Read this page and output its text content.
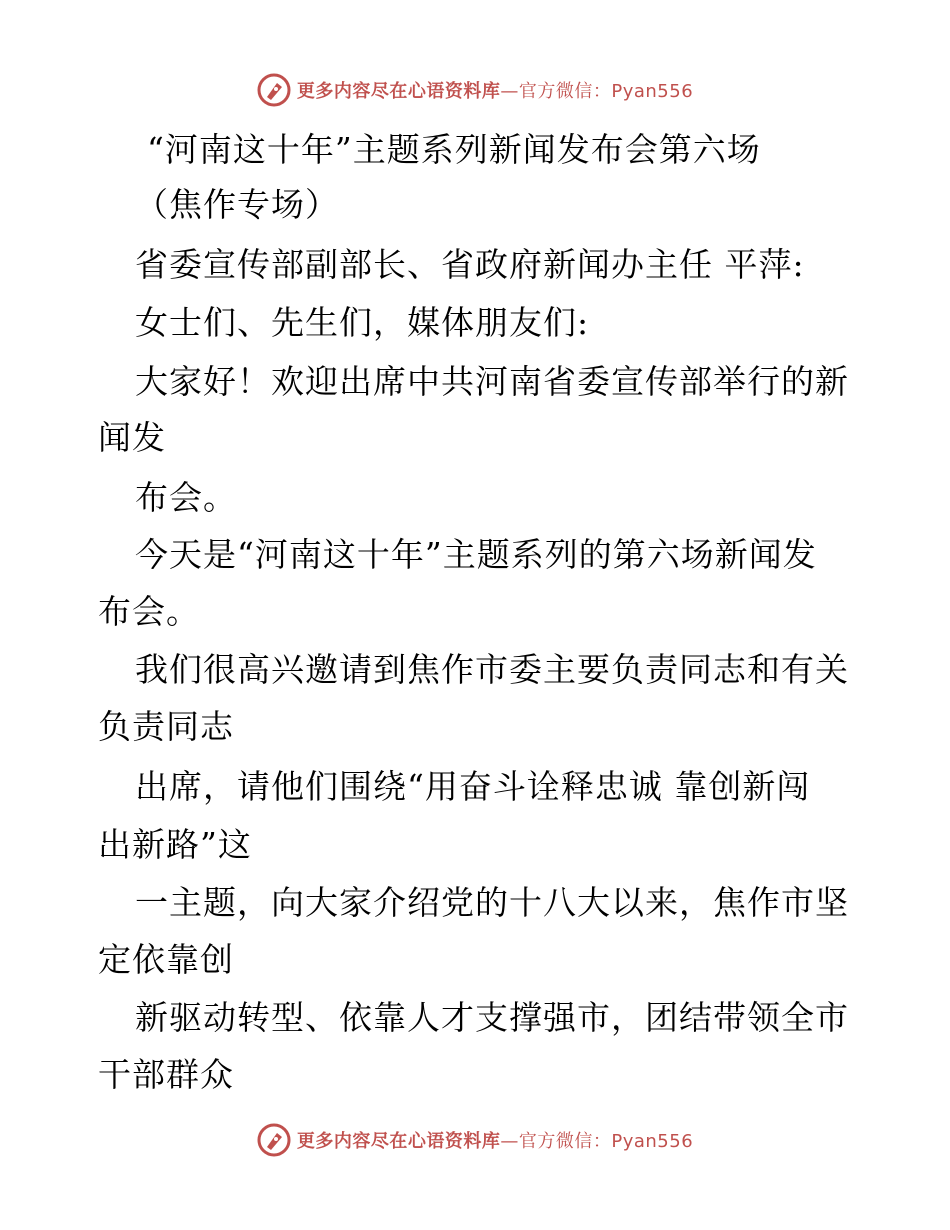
更多内容尽在心语资料库—官方微信：Pyan556
“河南这十年”主题系列新闻发布会第六场
（焦作专场）
省委宣传部副部长、省政府新闻办主任 平萍:
女士们、先生们，媒体朋友们:
大家好！欢迎出席中共河南省委宣传部举行的新
闻发
布会。
今天是“河南这十年”主题系列的第六场新闻发
布会。
我们很高兴邀请到焦作市委主要负责同志和有关
负责同志
出席，请他们围绕“用奋斗诠释忠诚 靠创新闯
出新路”这
一主题，向大家介绍党的十八大以来，焦作市坚
定依靠创
新驱动转型、依靠人才支撑强市，团结带领全市
干部群众
更多内容尽在心语资料库—官方微信：Pyan556
